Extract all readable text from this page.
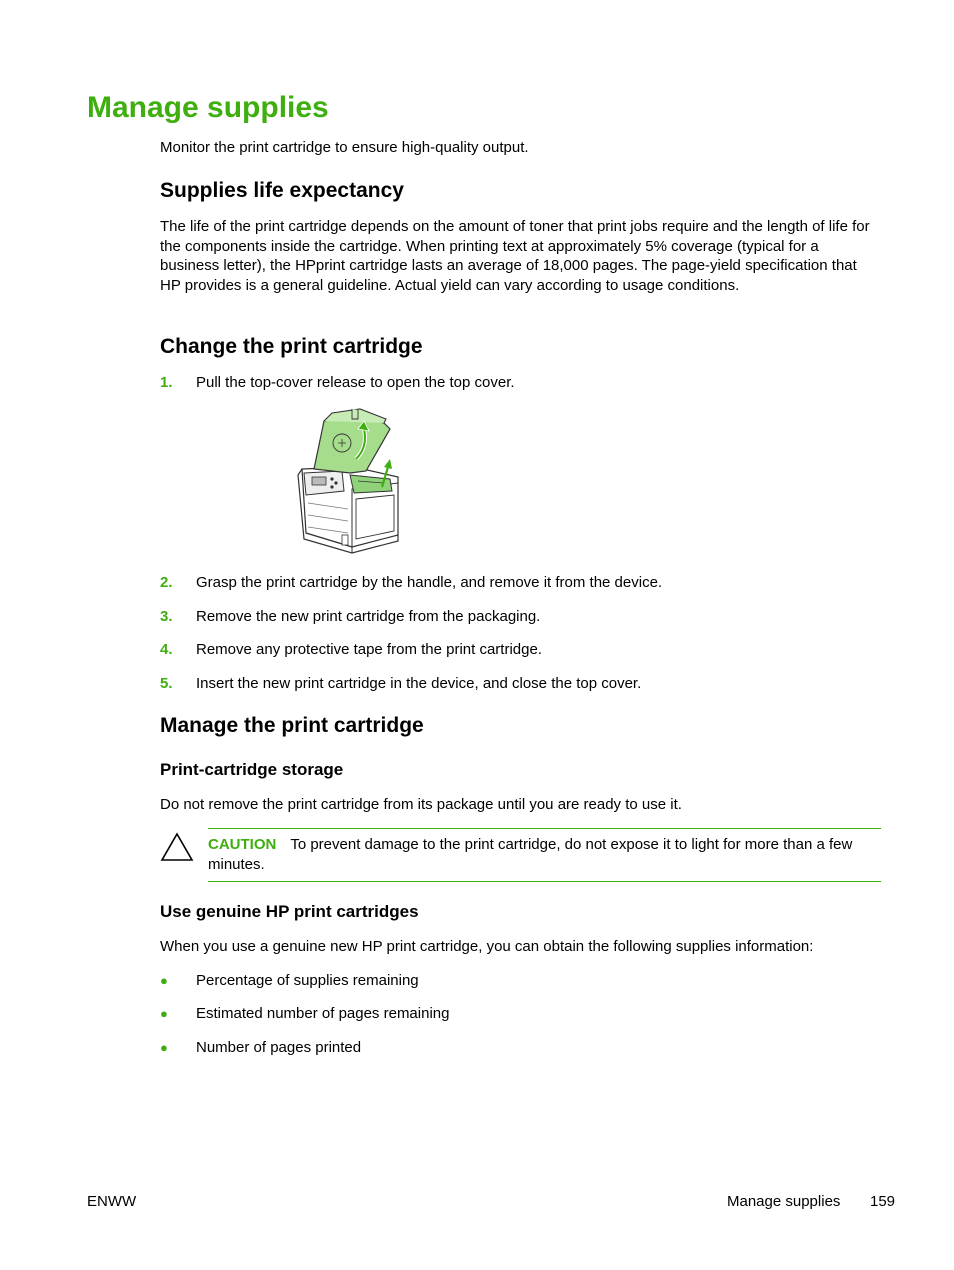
Manage supplies

Monitor the print cartridge to ensure high-quality output.

Supplies life expectancy

The life of the print cartridge depends on the amount of toner that print jobs require and the length of life for the components inside the cartridge. When printing text at approximately 5% coverage (typical for a business letter), the HPprint cartridge lasts an average of 18,000 pages. The page-yield specification that HP provides is a general guideline. Actual yield can vary according to usage conditions.

Change the print cartridge
1. Pull the top-cover release to open the top cover.
2. Grasp the print cartridge by the handle, and remove it from the device.
3. Remove the new print cartridge from the packaging.
4. Remove any protective tape from the print cartridge.
5. Insert the new print cartridge in the device, and close the top cover.
Manage the print cartridge
Print-cartridge storage

Do not remove the print cartridge from its package until you are ready to use it.

CAUTION To prevent damage to the print cartridge, do not expose it to light for more than a few minutes.
Use genuine HP print cartridges

When you use a genuine new HP print cartridge, you can obtain the following supplies information:

● Percentage of supplies remaining
● Estimated number of pages remaining
● Number of pages printed
ENWW	Manage supplies 159
